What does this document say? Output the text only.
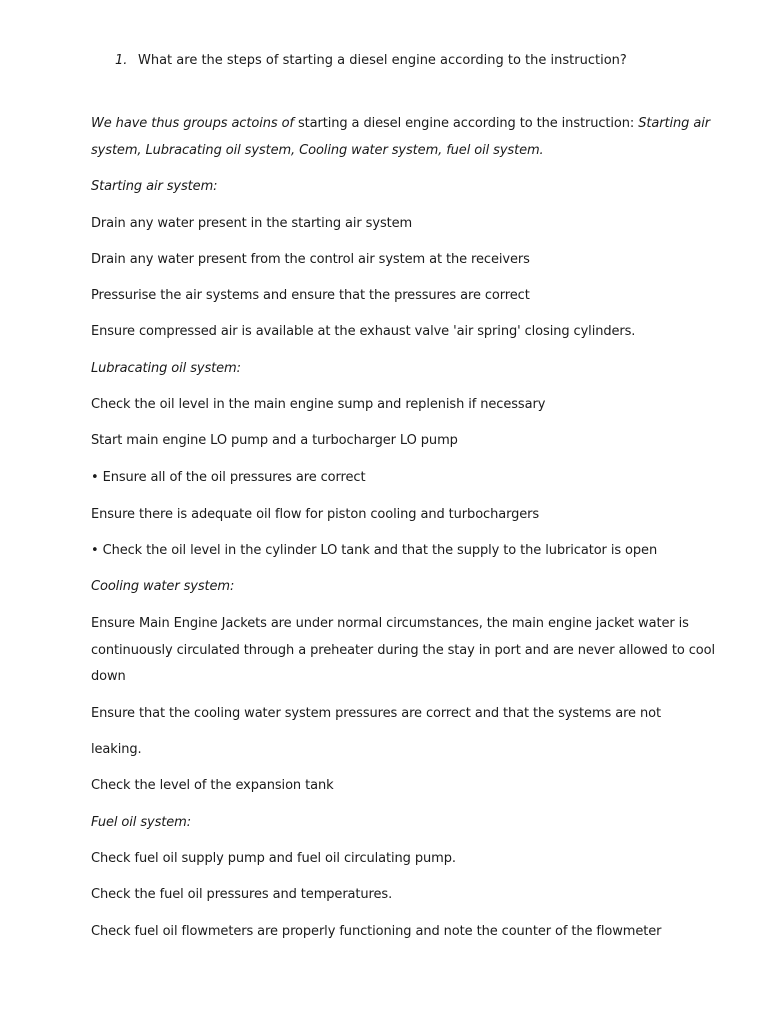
1. What are the steps of starting a diesel engine according to the instruction?
We have thus groups actoins of starting a diesel engine according to the instruction: Starting air
system, Lubracating oil system, Cooling water system, fuel oil system.
Starting air system:
Drain any water present in the starting air system
Drain any water present from the control air system at the receivers
Pressurise the air systems and ensure that the pressures are correct
Ensure compressed air is available at the exhaust valve 'air spring' closing cylinders.
Lubracating oil system:
Check the oil level in the main engine sump and replenish if necessary
Start main engine LO pump and a turbocharger LO pump
• Ensure all of the oil pressures are correct
Ensure there is adequate oil flow for piston cooling and turbochargers
• Check the oil level in the cylinder LO tank and that the supply to the lubricator is open
Cooling water system:
Ensure Main Engine Jackets are under normal circumstances, the main engine jacket water is
continuously circulated through a preheater during the stay in port and are never allowed to cool
down
Ensure that the cooling water system pressures are correct and that the systems are not
leaking.
Check the level of the expansion tank
Fuel oil system:
Check fuel oil supply pump and fuel oil circulating pump.
Check the fuel oil pressures and temperatures.
Check fuel oil flowmeters are properly functioning and note the counter of the flowmeter
